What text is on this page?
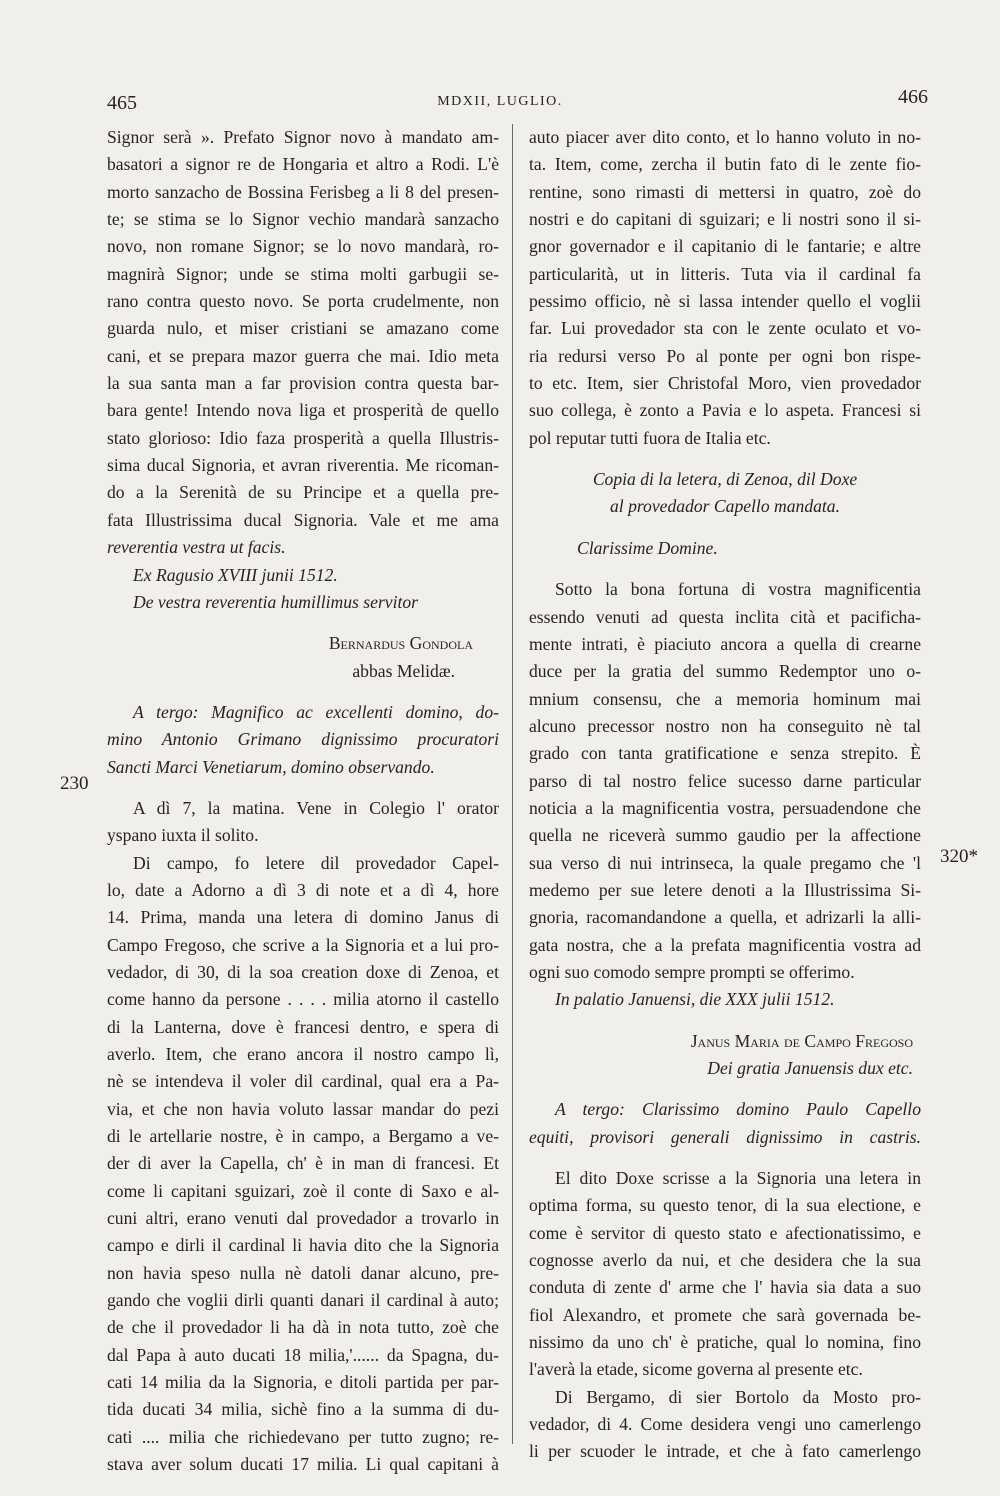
465	MDXII, LUGLIO.	466
230
320*

Signor serà ». Prefato Signor novo à mandato am-
basatori a signor re de Hongaria et altro a Rodi. L'è
morto sanzacho de Bossina Ferisbeg a li 8 del presen-
te; se stima se lo Signor vechio mandarà sanzacho
novo, non romane Signor; se lo novo mandarà, ro-
magnirà Signor; unde se stima molti garbugii se-
rano contra questo novo. Se porta crudelmente, non
guarda nulo, et miser cristiani se amazano come
cani, et se prepara mazor guerra che mai. Idio meta
la sua santa man a far provision contra questa bar-
bara gente! Intendo nova liga et prosperità de quello
stato glorioso: Idio faza prosperità a quella Illustris-
sima ducal Signoria, et avran riverentia. Me ricoman-
do a la Serenità de su Principe et a quella pre-
fata Illustrissima ducal Signoria. Vale et me ama
reverentia vestra ut facis.

Ex Ragusio XVIII junii 1512.

De vestra reverentia humillimus servitor

Bernardus Gondola
abbas Melidæ.

A tergo: Magnifico ac excellenti domino, do-
mino Antonio Grimano dignissimo procuratori
Sancti Marci Venetiarum, domino observando.

A dì 7, la matina. Vene in Colegio l' orator
yspano iuxta il solito.

Di campo, fo letere dil provedador Capel-
lo, date a Adorno a dì 3 di note et a dì 4, hore
14. Prima, manda una letera di domino Janus di
Campo Fregoso, che scrive a la Signoria et a lui pro-
vedador, di 30, di la soa creation doxe di Zenoa, et
come hanno da persone . . . . milia atorno il castello
di la Lanterna, dove è francesi dentro, e spera di
averlo. Item, che erano ancora il nostro campo lì,
nè se intendeva il voler dil cardinal, qual era a Pa-
via, et che non havia voluto lassar mandar do pezi
di le artellarie nostre, è in campo, a Bergamo a ve-
der di aver la Capella, ch' è in man di francesi. Et
come li capitani sguizari, zoè il conte di Saxo e al-
cuni altri, erano venuti dal provedador a trovarlo in
campo e dirli il cardinal li havia dito che la Signoria
non havia speso nulla nè datoli danar alcuno, pre-
gando che voglii dirli quanti danari il cardinal à auto;
de che il provedador li ha dà in nota tutto, zoè che
dal Papa à auto ducati 18 milia,'...... da Spagna, du-
cati 14 milia da la Signoria, e ditoli partida per par-
tida ducati 34 milia, sichè fino a la summa di du-
cati .... milia che richiedevano per tutto zugno; re-
stava aver solum ducati 17 milia. Li qual capitani à

auto piacer aver dito conto, et lo hanno voluto in no-
ta. Item, come, zercha il butin fato di le zente fio-
rentine, sono rimasti di mettersi in quatro, zoè do
nostri e do capitani di sguizari; e li nostri sono il si-
gnor governador e il capitanio di le fantarie; e altre
particularità, ut in litteris. Tuta via il cardinal fa
pessimo officio, nè si lassa intender quello el voglii
far. Lui provedador sta con le zente oculato et vo-
ria redursi verso Po al ponte per ogni bon rispe-
to etc. Item, sier Christofal Moro, vien provedador
suo collega, è zonto a Pavia e lo aspeta. Francesi si
pol reputar tutti fuora de Italia etc.

Copia di la letera, di Zenoa, dil Doxe
al provedador Capello mandata.

Clarissime Domine.

Sotto la bona fortuna di vostra magnificentia
essendo venuti ad questa inclita cità et pacificha-
mente intrati, è piaciuto ancora a quella di crearne
duce per la gratia del summo Redemptor uno o-
mnium consensu, che a memoria hominum mai
alcuno precessor nostro non ha conseguito nè tal
grado con tanta gratificatione e senza strepito. È
parso di tal nostro felice sucesso darne particular
noticia a la magnificentia vostra, persuadendone che
quella ne riceverà summo gaudio per la affectione
sua verso di nui intrinseca, la quale pregamo che 'l
medemo per sue letere denoti a la Illustrissima Si-
gnoria, racomandandone a quella, et adrizarli la alli-
gata nostra, che a la prefata magnificentia vostra ad
ogni suo comodo sempre prompti se offerimo.

In palatio Januensi, die XXX julii 1512.

Janus Maria de Campo Fregoso
Dei gratia Januensis dux etc.

A tergo: Clarissimo domino Paulo Capello
equiti, provisori generali dignissimo in castris.

El dito Doxe scrisse a la Signoria una letera in
optima forma, su questo tenor, di la sua electione, e
come è servitor di questo stato e afectionatissimo, e
cognosse averlo da nui, et che desidera che la sua
conduta di zente d' arme che l' havia sia data a suo
fiol Alexandro, et promete che sarà governada be-
nissimo da uno ch' è pratiche, qual lo nomina, fino
l'averà la etade, sicome governa al presente etc.

Di Bergamo, di sier Bortolo da Mosto pro-
vedador, di 4. Come desidera vengi uno camerlengo
li per scuoder le intrade, et che à fato camerlengo
